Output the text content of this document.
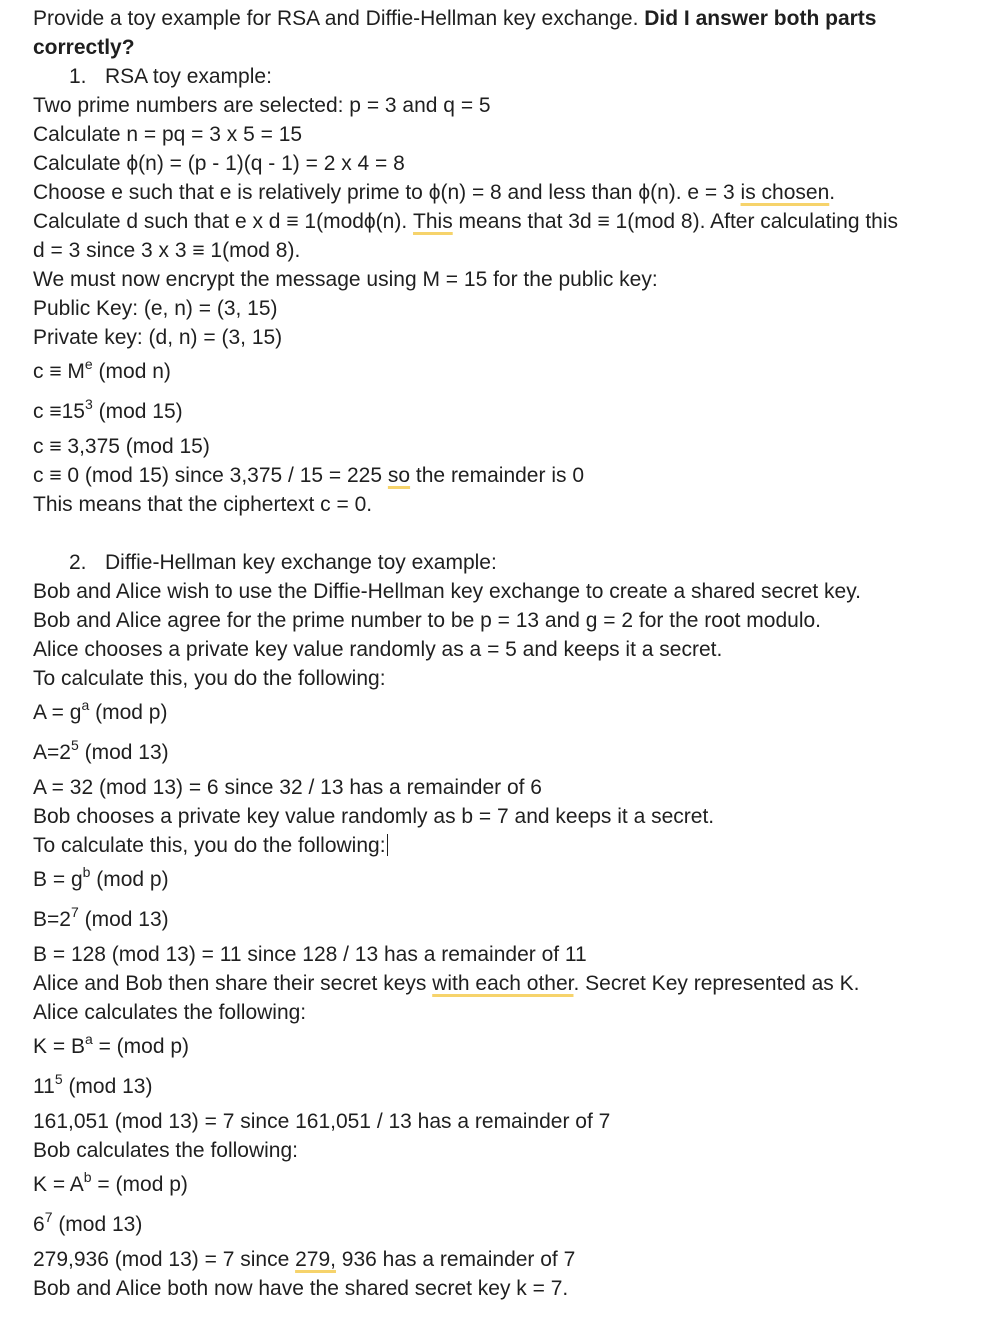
Provide a toy example for RSA and Diffie-Hellman key exchange. Did I answer both parts
correctly?
1. RSA toy example:
Two prime numbers are selected: p = 3 and q = 5
Calculate n = pq = 3 x 5 = 15
Calculate ϕ(n) = (p - 1)(q - 1) = 2 x 4 = 8
Choose e such that e is relatively prime to ϕ(n) = 8 and less than ϕ(n). e = 3 is chosen.
Calculate d such that e x d ≡ 1(modϕ(n). This means that 3d ≡ 1(mod 8). After calculating this
d = 3 since 3 x 3 ≡ 1(mod 8).
We must now encrypt the message using M = 15 for the public key:
Public Key: (e, n) = (3, 15)
Private key: (d, n) = (3, 15)
$c \equiv M^e$ (mod n)
$c \equiv 15^3$ (mod 15)
c ≡ 3,375 (mod 15)
c ≡ 0 (mod 15) since 3,375 / 15 = 225 so the remainder is 0
This means that the ciphertext c = 0.
2. Diffie-Hellman key exchange toy example:
Bob and Alice wish to use the Diffie-Hellman key exchange to create a shared secret key.
Bob and Alice agree for the prime number to be p = 13 and g = 2 for the root modulo.
Alice chooses a private key value randomly as a = 5 and keeps it a secret.
To calculate this, you do the following:
$A = g^a$ (mod p)
$A=2^5$ (mod 13)
A = 32 (mod 13) = 6 since 32 / 13 has a remainder of 6
Bob chooses a private key value randomly as b = 7 and keeps it a secret.
To calculate this, you do the following:
$B = g^b$ (mod p)
$B=2^7$ (mod 13)
B = 128 (mod 13) = 11 since 128 / 13 has a remainder of 11
Alice and Bob then share their secret keys with each other. Secret Key represented as K.
Alice calculates the following:
$K = B^a = (mod$ p)
$11^5$ (mod 13)
161,051 (mod 13) = 7 since 161,051 / 13 has a remainder of 7
Bob calculates the following:
$K = A^b = (mod$ p)
$6^7$ (mod 13)
279,936 (mod 13) = 7 since 279, 936 has a remainder of 7
Bob and Alice both now have the shared secret key k = 7.
